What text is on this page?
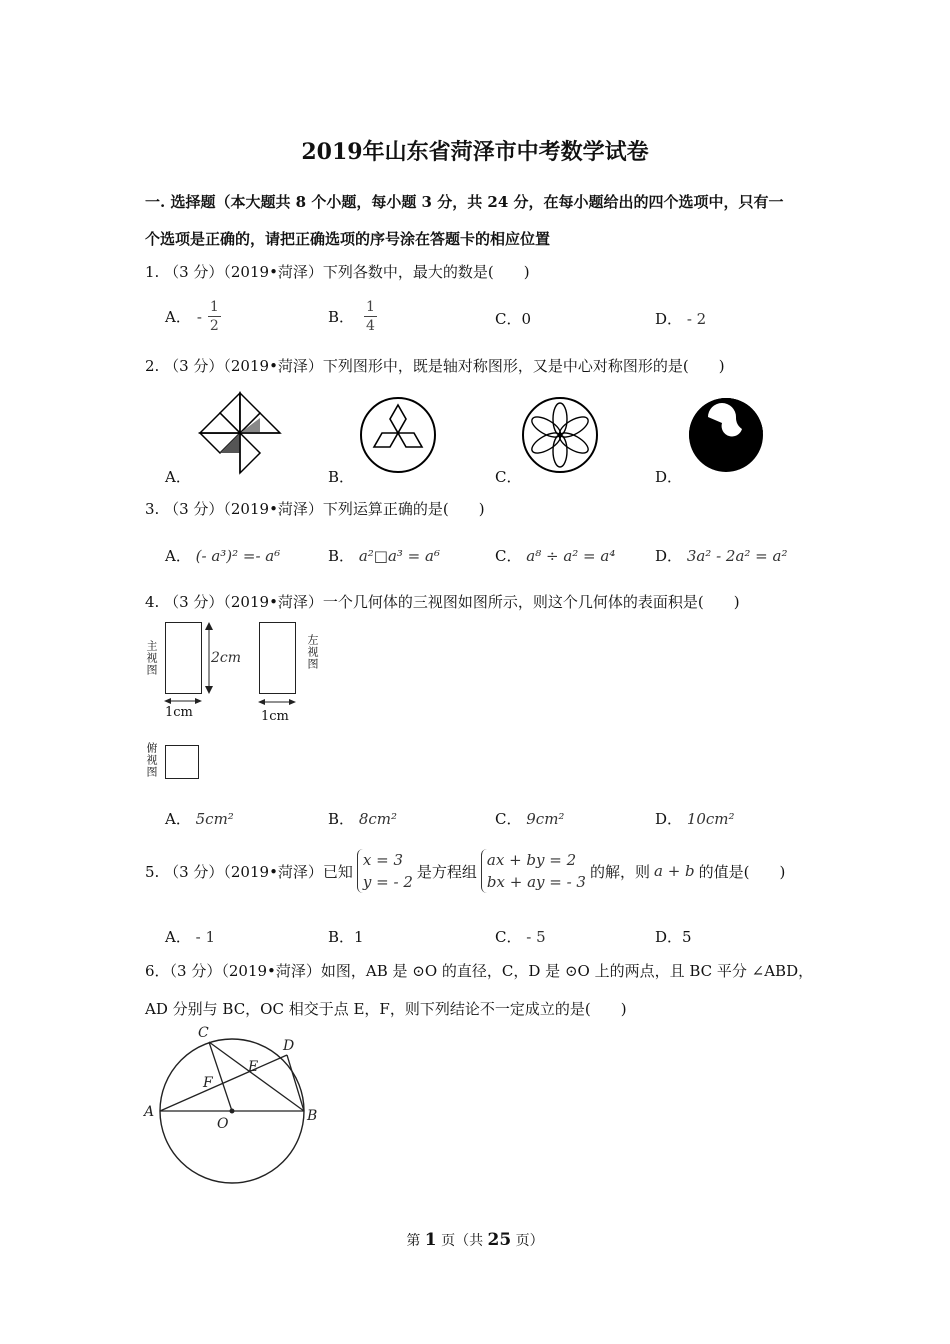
2019年山东省菏泽市中考数学试卷
一. 选择题（本大题共 8 个小题，每小题 3 分，共 24 分，在每小题给出的四个选项中，只有一
个选项是正确的，请把正确选项的序号涂在答题卡的相应位置
1. （3 分）（2019•菏泽）下列各数中，最大的数是(　　)
A． - $\frac{1}{2}$	B． $\frac{1}{4}$	C．0	D． - 2
2. （3 分）（2019•菏泽）下列图形中，既是轴对称图形，又是中心对称图形的是(　　)
A．	B．	C．	D．
3. （3 分）（2019•菏泽）下列运算正确的是(　　)
A． (- a³)² =- a⁶	B． a²□a³ = a⁶	C． a⁸ ÷ a² = a⁴	D． 3a² - 2a² = a²
4. （3 分）（2019•菏泽）一个几何体的三视图如图所示，则这个几何体的表面积是(　　)
主视图	2cm
1cm
左视图
1cm
俯视图
A． 5cm²	B． 8cm²	C． 9cm²	D． 10cm²
5. （3 分）（2019•菏泽）已知
x = 3
y = - 2
是方程组
ax + by = 2
bx + ay = - 3
的解，则 a + b 的值是(　　)
A． - 1	B．1	C． - 5	D．5
6．（3 分）（2019•菏泽）如图，AB 是 ⊙O 的直径，C，D 是 ⊙O 上的两点，且 BC 平分 ∠ABD，
AD 分别与 BC，OC 相交于点 E，F，则下列结论不一定成立的是(　　)
C
D
E
F
A	B
O
第 1 页（共 25 页）
